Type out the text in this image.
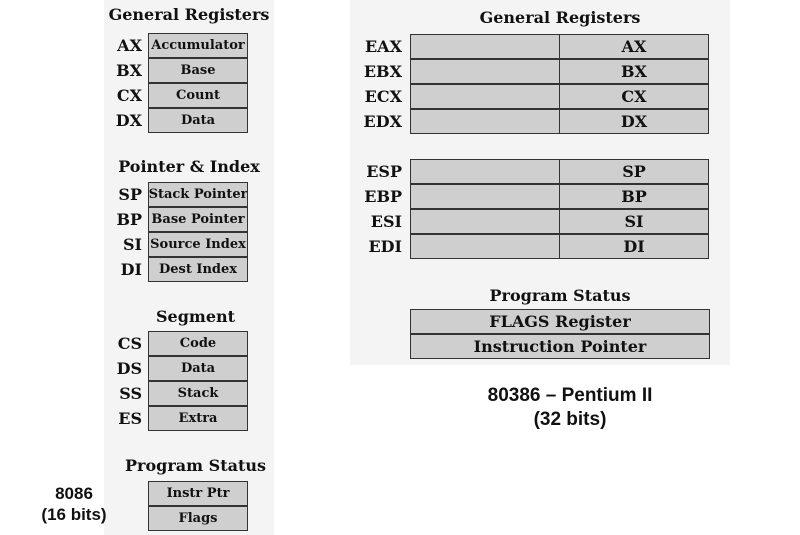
General Registers
AX Accumulator
BX	Base
CX	Count
DX	Data
Pointer & Index
SP Stack Pointer
BP Base Pointer
SI Source Index
DI	Dest Index
Segment
CS	Code
DS	Data
SS	Stack
ES	Extra
Program Status
Instr Ptr
Flags
8086
(16 bits)
General Registers
EAX	AX
EBX	BX
ECX	CX
EDX	DX
ESP	SP
EBP	BP
ESI	SI
EDI	DI
Program Status
FLAGS Register
Instruction Pointer
80386 – Pentium II
(32 bits)
